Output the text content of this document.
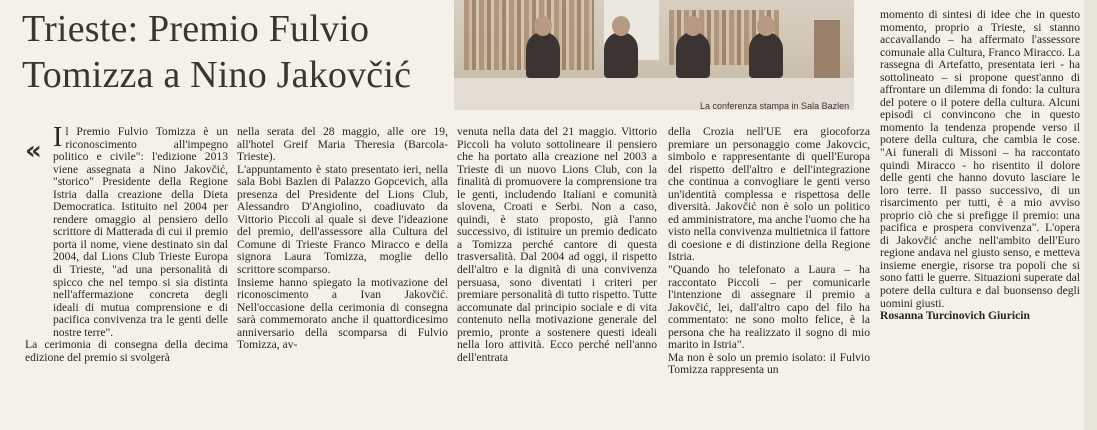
Trieste: Premio Fulvio
Tomizza a Nino Jakovčić
La conferenza stampa in Sala Bazlen
« Il Premio Fulvio Tomizza è un riconoscimento all'impegno politico e civile": l'edizione 2013 viene assegnata a Nino Jakovčić, "storico" Presidente della Regione Istria dalla creazione della Dieta Democratica. Istituito nel 2004 per rendere omaggio al pensiero dello scrittore di Matterada di cui il premio porta il nome, viene destinato sin dal 2004, dal Lions Club Trieste Europa di Trieste, "ad una personalità di spicco che nel tempo si sia distinta nell'affermazione concreta degli ideali di mutua comprensione e di pacifica convivenza tra le genti delle nostre terre".

La cerimonia di consegna della decima edizione del premio si svolgerà

nella serata del 28 maggio, alle ore 19, all'hotel Greif Maria Theresia (Barcola-Trieste).

L'appuntamento è stato presentato ieri, nella sala Bobi Bazlen di Palazzo Gopcevich, alla presenza del Presidente del Lions Club, Alessandro D'Angiolino, coadiuvato da Vittorio Piccoli al quale si deve l'ideazione del premio, dell'assessore alla Cultura del Comune di Trieste Franco Miracco e della signora Laura Tomizza, moglie dello scrittore scomparso.

Insieme hanno spiegato la motivazione del riconoscimento a Ivan Jakovčić. Nell'occasione della cerimonia di consegna sarà commemorato anche il quattordicesimo anniversario della scomparsa di Fulvio Tomizza, av-

venuta nella data del 21 maggio. Vittorio Piccoli ha voluto sottolineare il pensiero che ha portato alla creazione nel 2003 a Trieste di un nuovo Lions Club, con la finalità di promuovere la comprensione tra le genti, includendo Italiani e comunità slovena, Croati e Serbi. Non a caso, quindi, è stato proposto, già l'anno successivo, di istituire un premio dedicato a Tomizza perché cantore di questa trasversalità. Dal 2004 ad oggi, il rispetto dell'altro e la dignità di una convivenza persuasa, sono diventati i criteri per premiare personalità di tutto rispetto. Tutte accomunate dal principio sociale e di vita contenuto nella motivazione generale del premio, pronte a sostenere questi ideali nella loro attività. Ecco perché nell'anno dell'entrata

della Crozia nell'UE era giocoforza premiare un personaggio come Jakovcic, simbolo e rappresentante di quell'Europa del rispetto dell'altro e dell'integrazione che continua a convogliare le genti verso un'identità complessa e rispettosa delle diversità. Jakovčić non è solo un politico ed amministratore, ma anche l'uomo che ha visto nella convivenza multietnica il fattore di coesione e di distinzione della Regione Istria.

"Quando ho telefonato a Laura – ha raccontato Piccoli – per comunicarle l'intenzione di assegnare il premio a Jakovčić, lei, dall'altro capo del filo ha commentato: ne sono molto felice, è la persona che ha realizzato il sogno di mio marito in Istria".

Ma non è solo un premio isolato: il Fulvio Tomizza rappresenta un

momento di sintesi di idee che in questo momento, proprio a Trieste, si stanno accavallando – ha affermato l'assessore comunale alla Cultura, Franco Miracco. La rassegna di Artefatto, presentata ieri - ha sottolineato – si propone quest'anno di affrontare un dilemma di fondo: la cultura del potere o il potere della cultura. Alcuni episodi ci convincono che in questo momento la tendenza propende verso il potere della cultura, che cambia le cose. "Ai funerali di Missoni – ha raccontato quindi Miracco - ho risentito il dolore delle genti che hanno dovuto lasciare le loro terre. Il passo successivo, di un risarcimento per tutti, è a mio avviso proprio ciò che si prefigge il premio: una pacifica e prospera convivenza". L'opera di Jakovčić anche nell'ambito dell'Euro regione andava nel giusto senso, e metteva insieme energie, risorse tra popoli che si sono fatti le guerre. Situazioni superate dal potere della cultura e dal buonsenso degli uomini giusti.

Rosanna Turcinovich Giuricin
